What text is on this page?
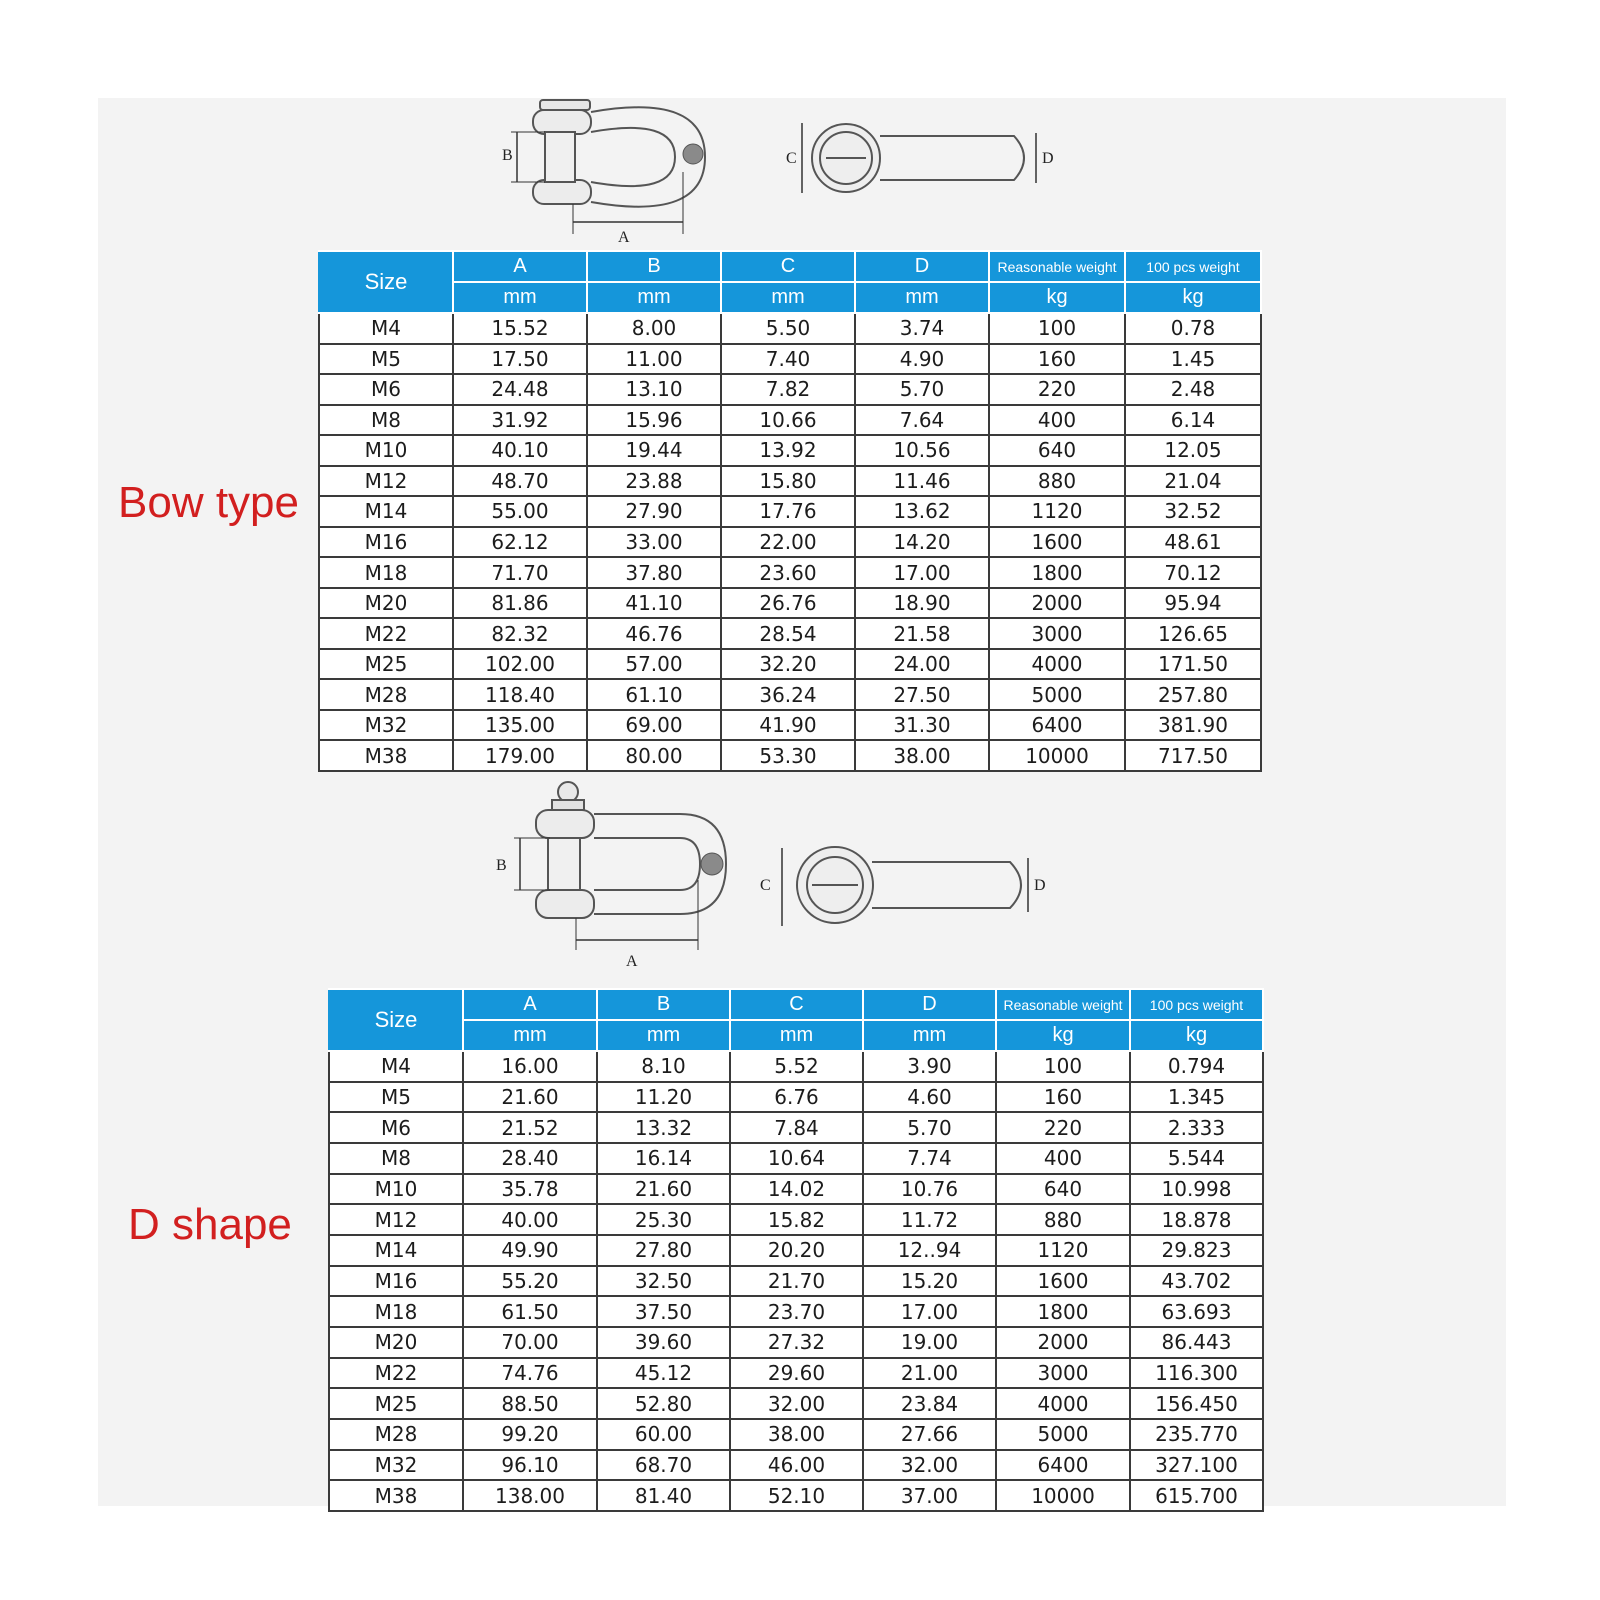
B
A
C	D
Bow type
Size	A	B	C	D	Reasonable weight	100 pcs weight
	mm	mm	mm	mm	kg	kg
M4	15.52	8.00	5.50	3.74	100	0.78
M5	17.50	11.00	7.40	4.90	160	1.45
M6	24.48	13.10	7.82	5.70	220	2.48
M8	31.92	15.96	10.66	7.64	400	6.14
M10	40.10	19.44	13.92	10.56	640	12.05
M12	48.70	23.88	15.80	11.46	880	21.04
M14	55.00	27.90	17.76	13.62	1120	32.52
M16	62.12	33.00	22.00	14.20	1600	48.61
M18	71.70	37.80	23.60	17.00	1800	70.12
M20	81.86	41.10	26.76	18.90	2000	95.94
M22	82.32	46.76	28.54	21.58	3000	126.65
M25	102.00	57.00	32.20	24.00	4000	171.50
M28	118.40	61.10	36.24	27.50	5000	257.80
M32	135.00	69.00	41.90	31.30	6400	381.90
M38	179.00	80.00	53.30	38.00	10000	717.50
B
A
C	D
D shape
Size	A	B	C	D	Reasonable weight	100 pcs weight
	mm	mm	mm	mm	kg	kg
M4	16.00	8.10	5.52	3.90	100	0.794
M5	21.60	11.20	6.76	4.60	160	1.345
M6	21.52	13.32	7.84	5.70	220	2.333
M8	28.40	16.14	10.64	7.74	400	5.544
M10	35.78	21.60	14.02	10.76	640	10.998
M12	40.00	25.30	15.82	11.72	880	18.878
M14	49.90	27.80	20.20	12..94	1120	29.823
M16	55.20	32.50	21.70	15.20	1600	43.702
M18	61.50	37.50	23.70	17.00	1800	63.693
M20	70.00	39.60	27.32	19.00	2000	86.443
M22	74.76	45.12	29.60	21.00	3000	116.300
M25	88.50	52.80	32.00	23.84	4000	156.450
M28	99.20	60.00	38.00	27.66	5000	235.770
M32	96.10	68.70	46.00	32.00	6400	327.100
M38	138.00	81.40	52.10	37.00	10000	615.700
